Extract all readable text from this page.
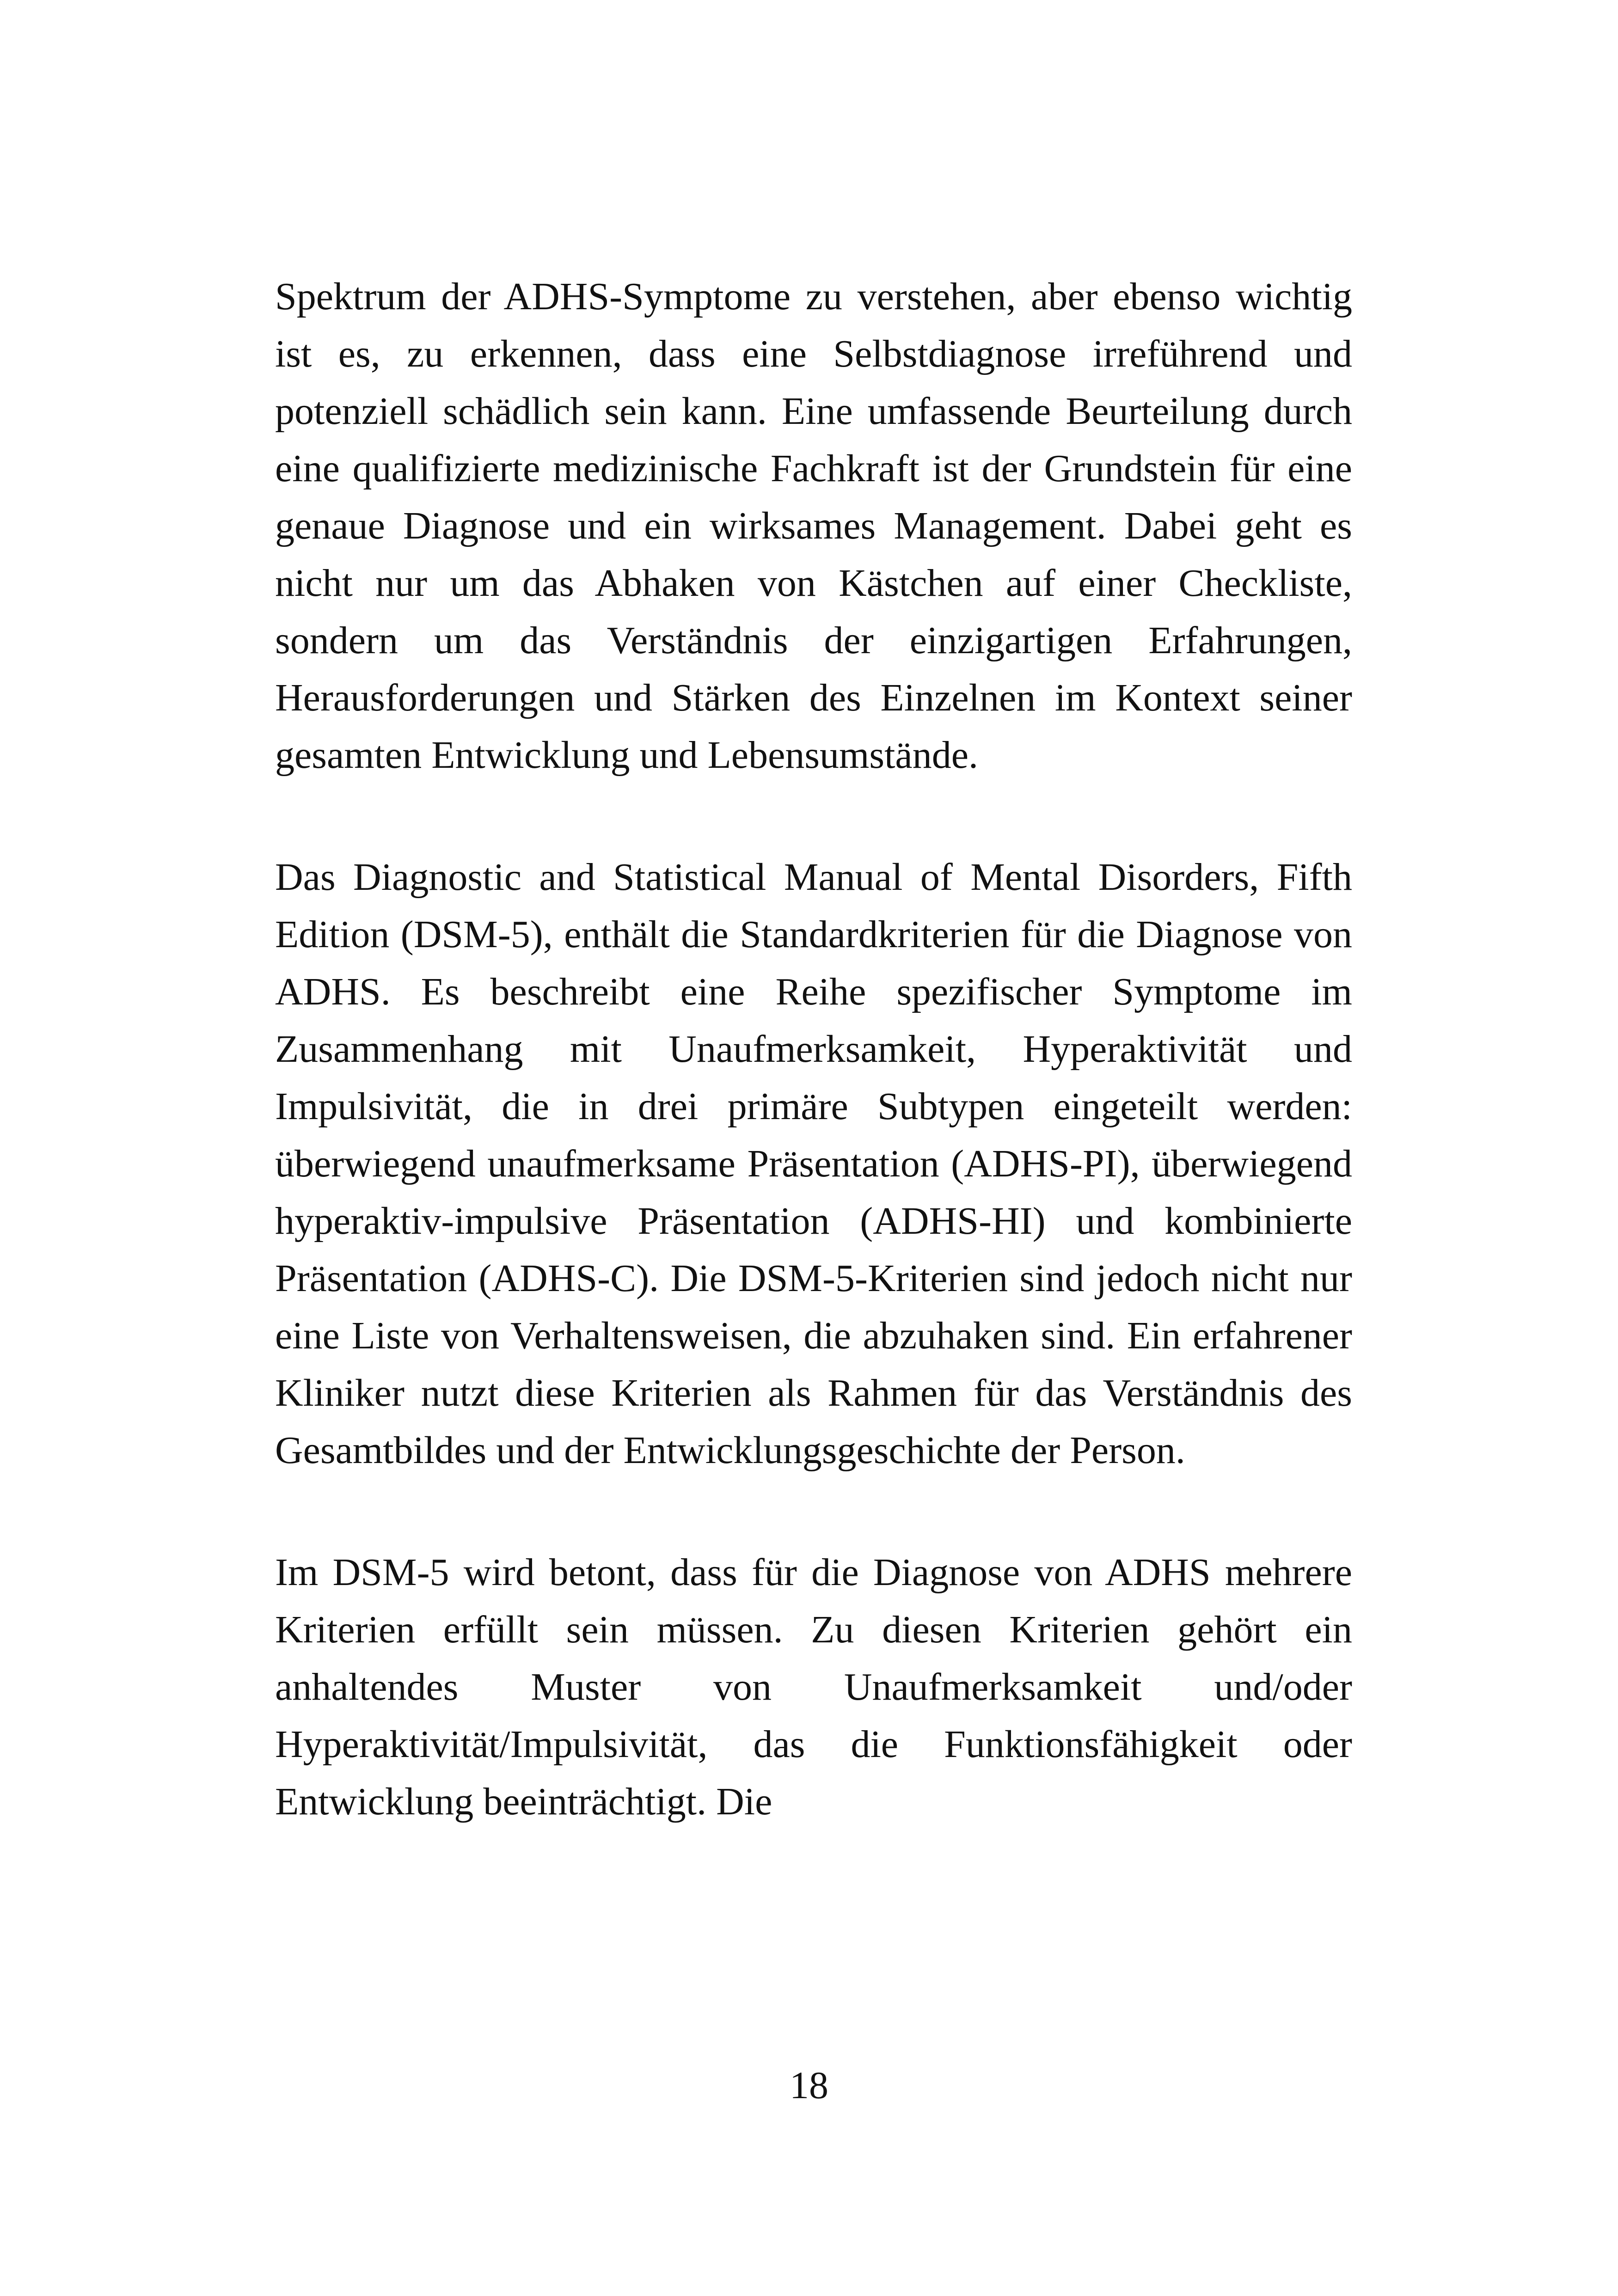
Spektrum der ADHS-Symptome zu verstehen, aber ebenso wichtig ist es, zu erkennen, dass eine Selbstdiagnose irreführend und potenziell schädlich sein kann. Eine umfassende Beurteilung durch eine qualifizierte medizinische Fachkraft ist der Grundstein für eine genaue Diagnose und ein wirksames Management. Dabei geht es nicht nur um das Abhaken von Kästchen auf einer Checkliste, sondern um das Verständnis der einzigartigen Erfahrungen, Herausforderungen und Stärken des Einzelnen im Kontext seiner gesamten Entwicklung und Lebensumstände.

Das Diagnostic and Statistical Manual of Mental Disorders, Fifth Edition (DSM-5), enthält die Standardkriterien für die Diagnose von ADHS. Es beschreibt eine Reihe spezifischer Symptome im Zusammenhang mit Unaufmerksamkeit, Hyperaktivität und Impulsivität, die in drei primäre Subtypen eingeteilt werden: überwiegend unaufmerksame Präsentation (ADHS-PI), überwiegend hyperaktiv-impulsive Präsentation (ADHS-HI) und kombinierte Präsentation (ADHS-C). Die DSM-5-Kriterien sind jedoch nicht nur eine Liste von Verhaltensweisen, die abzuhaken sind. Ein erfahrener Kliniker nutzt diese Kriterien als Rahmen für das Verständnis des Gesamtbildes und der Entwicklungsgeschichte der Person.

Im DSM-5 wird betont, dass für die Diagnose von ADHS mehrere Kriterien erfüllt sein müssen. Zu diesen Kriterien gehört ein anhaltendes Muster von Unaufmerksamkeit und/oder Hyperaktivität/Impulsivität, das die Funktionsfähigkeit oder Entwicklung beeinträchtigt. Die

18
